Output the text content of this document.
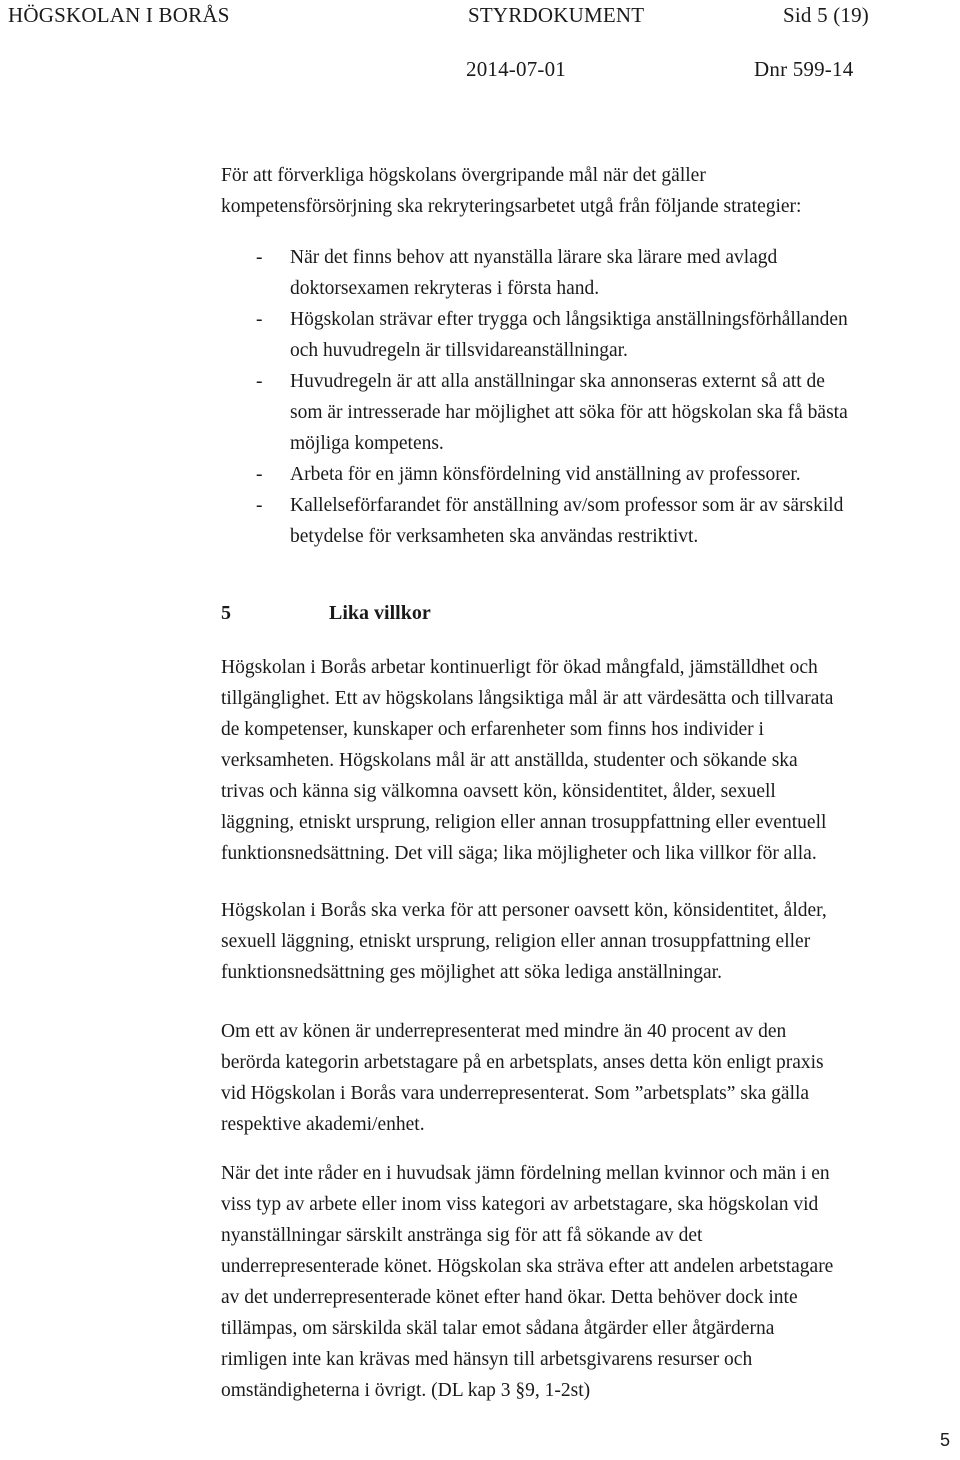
HÖGSKOLAN I BORÅS	STYRDOKUMENT	Sid 5 (19)
2014-07-01	Dnr 599-14
För att förverkliga högskolans övergripande mål när det gäller
kompetensförsörjning ska rekryteringsarbetet utgå från följande strategier:
-	När det finns behov att nyanställa lärare ska lärare med avlagd
doktorsexamen rekryteras i första hand.
-	Högskolan strävar efter trygga och långsiktiga anställningsförhållanden
och huvudregeln är tillsvidareanställningar.
-	Huvudregeln är att alla anställningar ska annonseras externt så att de
som är intresserade har möjlighet att söka för att högskolan ska få bästa
möjliga kompetens.
-	Arbeta för en jämn könsfördelning vid anställning av professorer.
-	Kallelseförfarandet för anställning av/som professor som är av särskild
betydelse för verksamheten ska användas restriktivt.
5	Lika villkor
Högskolan i Borås arbetar kontinuerligt för ökad mångfald, jämställdhet och
tillgänglighet. Ett av högskolans långsiktiga mål är att värdesätta och tillvarata
de kompetenser, kunskaper och erfarenheter som finns hos individer i
verksamheten. Högskolans mål är att anställda, studenter och sökande ska
trivas och känna sig välkomna oavsett kön, könsidentitet, ålder, sexuell
läggning, etniskt ursprung, religion eller annan trosuppfattning eller eventuell
funktionsnedsättning. Det vill säga; lika möjligheter och lika villkor för alla.
Högskolan i Borås ska verka för att personer oavsett kön, könsidentitet, ålder,
sexuell läggning, etniskt ursprung, religion eller annan trosuppfattning eller
funktionsnedsättning ges möjlighet att söka lediga anställningar.
Om ett av könen är underrepresenterat med mindre än 40 procent av den
berörda kategorin arbetstagare på en arbetsplats, anses detta kön enligt praxis
vid Högskolan i Borås vara underrepresenterat. Som ”arbetsplats” ska gälla
respektive akademi/enhet.
När det inte råder en i huvudsak jämn fördelning mellan kvinnor och män i en
viss typ av arbete eller inom viss kategori av arbetstagare, ska högskolan vid
nyanställningar särskilt anstränga sig för att få sökande av det
underrepresenterade könet. Högskolan ska sträva efter att andelen arbetstagare
av det underrepresenterade könet efter hand ökar. Detta behöver dock inte
tillämpas, om särskilda skäl talar emot sådana åtgärder eller åtgärderna
rimligen inte kan krävas med hänsyn till arbetsgivarens resurser och
omständigheterna i övrigt. (DL kap 3 §9, 1-2st)
5
